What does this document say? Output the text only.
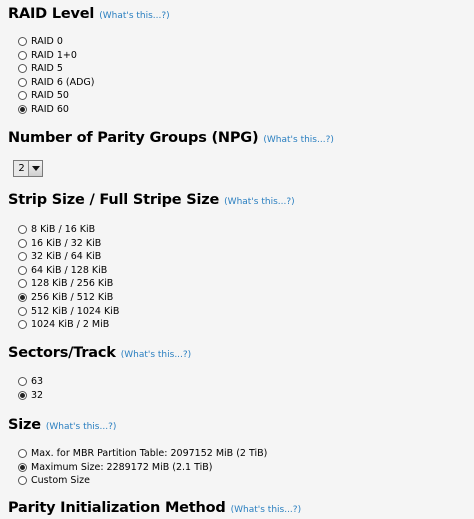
RAID Level (What's this...?)
Number of Parity Groups (NPG) (What's this...?)
2
Strip Size / Full Stripe Size (What's this...?)
Sectors/Track (What's this...?)
Size (What's this...?)
Parity Initialization Method (What's this...?)
RAID 0
RAID 1+0
RAID 5
RAID 6 (ADG)
RAID 50
RAID 60
8 KiB / 16 KiB
16 KiB / 32 KiB
32 KiB / 64 KiB
64 KiB / 128 KiB
128 KiB / 256 KiB
256 KiB / 512 KiB
512 KiB / 1024 KiB
1024 KiB / 2 MiB
63
32
Max. for MBR Partition Table: 2097152 MiB (2 TiB)
Maximum Size: 2289172 MiB (2.1 TiB)
Custom Size
